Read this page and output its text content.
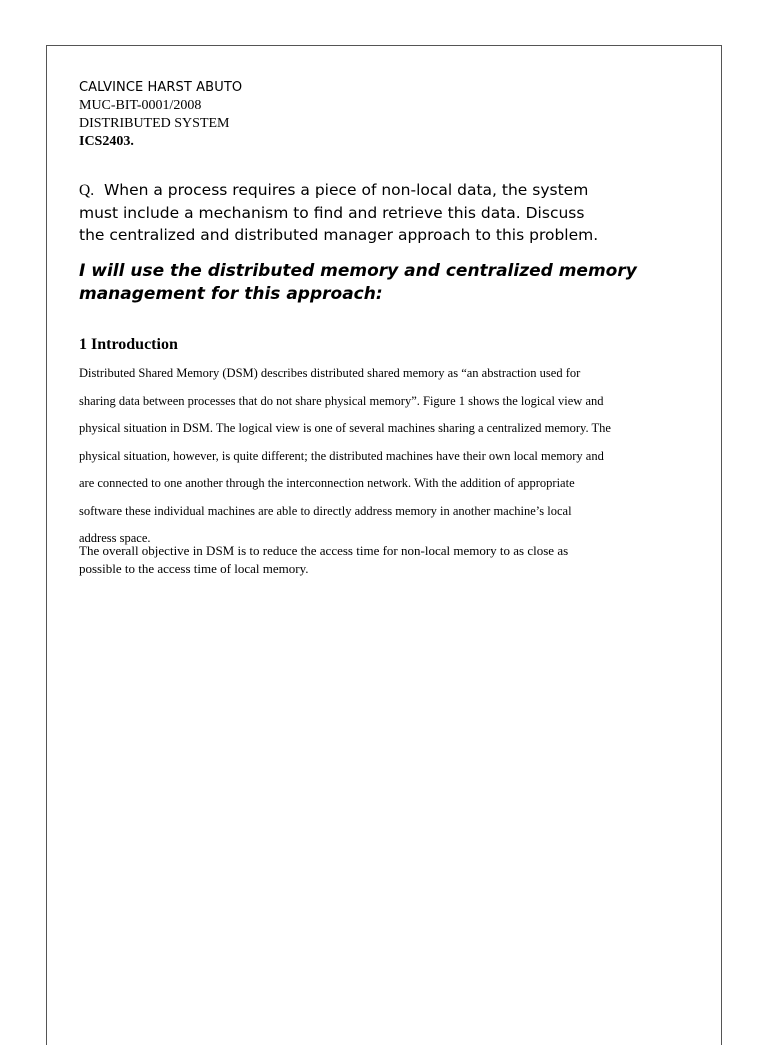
CALVINCE HARST ABUTO
MUC-BIT-0001/2008
DISTRIBUTED SYSTEM
ICS2403.
Q. When a process requires a piece of non-local data, the system
must include a mechanism to find and retrieve this data. Discuss
the centralized and distributed manager approach to this problem.
I will use the distributed memory and centralized memory
management for this approach:
1 Introduction
Distributed Shared Memory (DSM) describes distributed shared memory as “an abstraction used for
sharing data between processes that do not share physical memory”. Figure 1 shows the logical view and
physical situation in DSM. The logical view is one of several machines sharing a centralized memory. The
physical situation, however, is quite different; the distributed machines have their own local memory and
are connected to one another through the interconnection network. With the addition of appropriate
software these individual machines are able to directly address memory in another machine’s local
address space.
The overall objective in DSM is to reduce the access time for non-local memory to as close as
possible to the access time of local memory.
